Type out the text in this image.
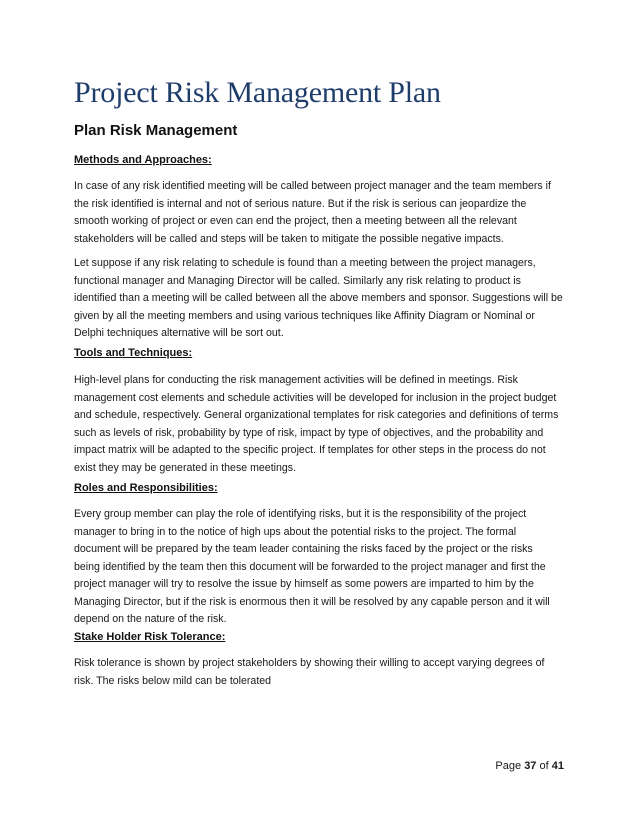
Project Risk Management Plan
Plan Risk Management
Methods and Approaches:
In case of any risk identified meeting will be called between project manager and the team members if
the risk identified is internal and not of serious nature. But if the risk is serious can jeopardize the
smooth working of project or even can end the project, then a meeting between all the relevant
stakeholders will be called and steps will be taken to mitigate the possible negative impacts.
Let suppose if any risk relating to schedule is found than a meeting between the project managers,
functional manager and Managing Director will be called. Similarly any risk relating to product is
identified than a meeting will be called between all the above members and sponsor. Suggestions will be
given by all the meeting members and using various techniques like Affinity Diagram or Nominal or
Delphi techniques alternative will be sort out.
Tools and Techniques:
High-level plans for conducting the risk management activities will be defined in meetings. Risk
management cost elements and schedule activities will be developed for inclusion in the project budget
and schedule, respectively. General organizational templates for risk categories and definitions of terms
such as levels of risk, probability by type of risk, impact by type of objectives, and the probability and
impact matrix will be adapted to the specific project. If templates for other steps in the process do not
exist they may be generated in these meetings.
Roles and Responsibilities:
Every group member can play the role of identifying risks, but it is the responsibility of the project
manager to bring in to the notice of high ups about the potential risks to the project. The formal
document will be prepared by the team leader containing the risks faced by the project or the risks
being identified by the team then this document will be forwarded to the project manager and first the
project manager will try to resolve the issue by himself as some powers are imparted to him by the
Managing Director, but if the risk is enormous then it will be resolved by any capable person and it will
depend on the nature of the risk.
Stake Holder Risk Tolerance:
Risk tolerance is shown by project stakeholders by showing their willing to accept varying degrees of
risk. The risks below mild can be tolerated
Page 37 of 41
